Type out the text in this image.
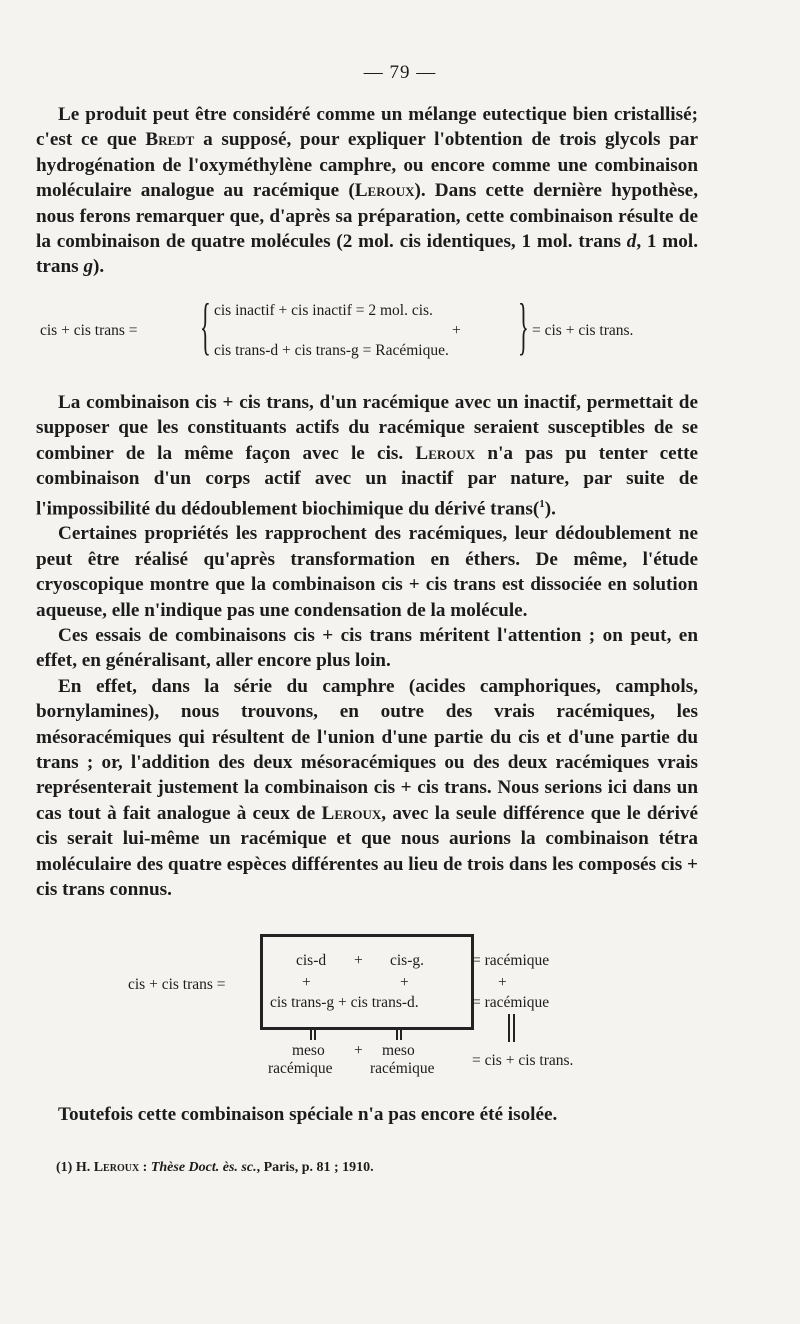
— 79 —

Le produit peut être considéré comme un mélange eutectique bien cristallisé; c'est ce que Bredt a supposé, pour expliquer l'obtention de trois glycols par hydrogénation de l'oxyméthylène camphre, ou encore comme une combinaison moléculaire analogue au racémique (Leroux). Dans cette dernière hypothèse, nous ferons remarquer que, d'après sa préparation, cette combinaison résulte de la combinaison de quatre molécules (2 mol. cis identiques, 1 mol. trans d, 1 mol. trans g).

cis + cis trans = { cis inactif + cis inactif = 2 mol. cis.
+
cis trans-d + cis trans-g = Racémique. } = cis + cis trans.

La combinaison cis + cis trans, d'un racémique avec un inactif, permettait de supposer que les constituants actifs du racémique seraient susceptibles de se combiner de la même façon avec le cis. Leroux n'a pas pu tenter cette combinaison d'un corps actif avec un inactif par nature, par suite de l'impossibilité du dédoublement biochimique du dérivé trans($^1$).

Certaines propriétés les rapprochent des racémiques, leur dédoublement ne peut être réalisé qu'après transformation en éthers. De même, l'étude cryoscopique montre que la combinaison cis + cis trans est dissociée en solution aqueuse, elle n'indique pas une condensation de la molécule.

Ces essais de combinaisons cis + cis trans méritent l'attention ; on peut, en effet, en généralisant, aller encore plus loin.

En effet, dans la série du camphre (acides camphoriques, camphols, bornylamines), nous trouvons, en outre des vrais racémiques, les mésoracémiques qui résultent de l'union d'une partie du cis et d'une partie du trans ; or, l'addition des deux mésoracémiques ou des deux racémiques vrais représenterait justement la combinaison cis + cis trans. Nous serions ici dans un cas tout à fait analogue à ceux de Leroux, avec la seule différence que le dérivé cis serait lui-même un racémique et que nous aurions la combinaison tétra moléculaire des quatre espèces différentes au lieu de trois dans les composés cis + cis trans connus.

cis + cis trans =
cis-d + cis-g.
+	+
cis trans-g + cis trans-d.
= racémique
+
= racémique
meso
racémique
+ meso
racémique = cis + cis trans.
Toutefois cette combinaison spéciale n'a pas encore été isolée.
(1) H. Leroux : Thèse Doct. ès. sc., Paris, p. 81 ; 1910.
